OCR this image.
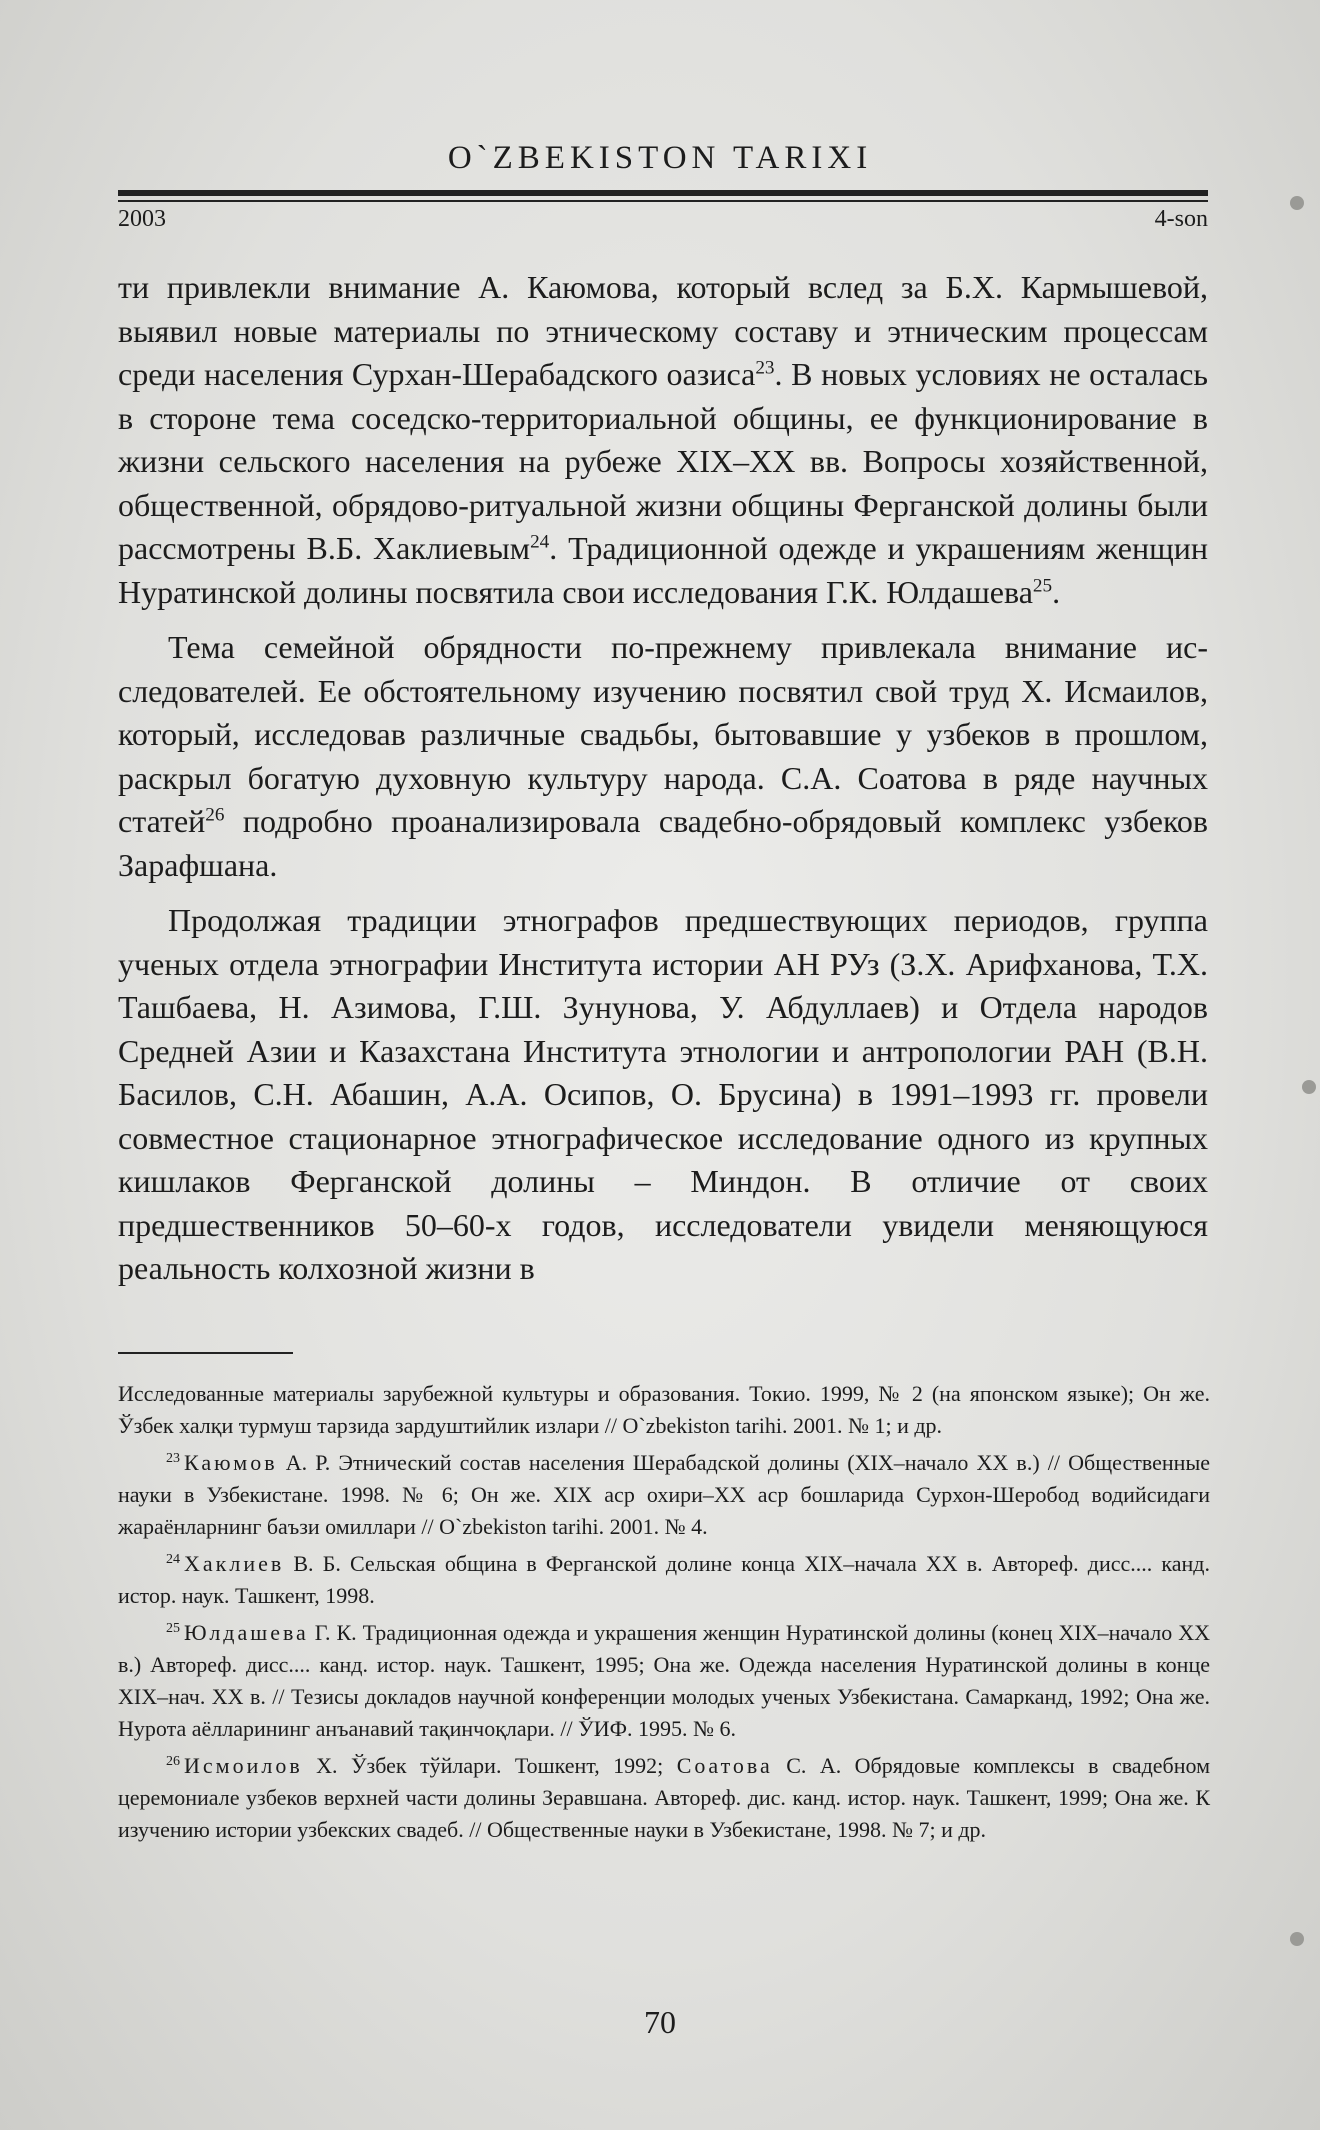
O`ZBEKISTON TARIXI
2003	4-son

ти привлекли внимание А. Каюмова, который вслед за Б.Х. Кармышевой, выявил новые материалы по этническому составу и этническим процессам среди населения Сурхан-Шерабадского оазиса$^{23}$. В новых условиях не осталась в стороне тема соседско-территориальной общины, ее функционирование в жизни сельского населения на рубеже XIX–XX вв. Вопросы хозяйственной, общественной, обрядово-ритуальной жизни общины Ферганской долины были рассмотрены В.Б. Хаклиевым$^{24}$. Традиционной одежде и украшениям женщин Нуратинской долины посвятила свои исследования Г.К. Юлдашева$^{25}$.

Тема семейной обрядности по-прежнему привлекала внимание исследователей. Ее обстоятельному изучению посвятил свой труд Х. Исмаилов, который, исследовав различные свадьбы, бытовавшие у узбеков в прошлом, раскрыл богатую духовную культуру народа. С.А. Соатова в ряде научных статей$^{26}$ подробно проанализировала свадебно-обрядовый комплекс узбеков Зарафшана.

Продолжая традиции этнографов предшествующих периодов, группа ученых отдела этнографии Института истории АН РУз (З.Х. Арифханова, Т.Х. Ташбаева, Н. Азимова, Г.Ш. Зунунова, У. Абдуллаев) и Отдела народов Средней Азии и Казахстана Института этнологии и антропологии РАН (В.Н. Басилов, С.Н. Абашин, А.А. Осипов, О. Брусина) в 1991–1993 гг. провели совместное стационарное этнографическое исследование одного из крупных кишлаков Ферганской долины – Миндон. В отличие от своих предшественников 50–60-х годов, исследователи увидели меняющуюся реальность колхозной жизни в

Исследованные материалы зарубежной культуры и образования. Токио. 1999, № 2 (на японском языке); Он же. Ўзбек халқи турмуш тарзида зардуштийлик излари // O`zbekiston tarihi. 2001. № 1; и др.

$^{23}$ Каюмов А. Р. Этнический состав населения Шерабадской долины (XIX–начало XX в.) // Общественные науки в Узбекистане. 1998. № 6; Он же. XIX аср охири–XX аср бошларида Сурхон-Шеробод водийсидаги жараёнларнинг баъзи омиллари // O`zbekiston tarihi. 2001. № 4.

$^{24}$ Хаклиев В. Б. Сельская община в Ферганской долине конца XIX–начала XX в. Автореф. дисс.... канд. истор. наук. Ташкент, 1998.

$^{25}$ Юлдашева Г. К. Традиционная одежда и украшения женщин Нуратинской долины (конец XIX–начало XX в.) Автореф. дисс.... канд. истор. наук. Ташкент, 1995; Она же. Одежда населения Нуратинской долины в конце XIX–нач. XX в. // Тезисы докладов научной конференции молодых ученых Узбекистана. Самарканд, 1992; Она же. Нурота аёлларининг анъанавий тақинчоқлари. // ЎИФ. 1995. № 6.

$^{26}$ Исмоилов Х. Ўзбек тўйлари. Тошкент, 1992; Соатова С. А. Обрядовые комплексы в свадебном церемониале узбеков верхней части долины Зеравшана. Автореф. дис. канд. истор. наук. Ташкент, 1999; Она же. К изучению истории узбекских свадеб. // Общественные науки в Узбекистане, 1998. № 7; и др.

70
